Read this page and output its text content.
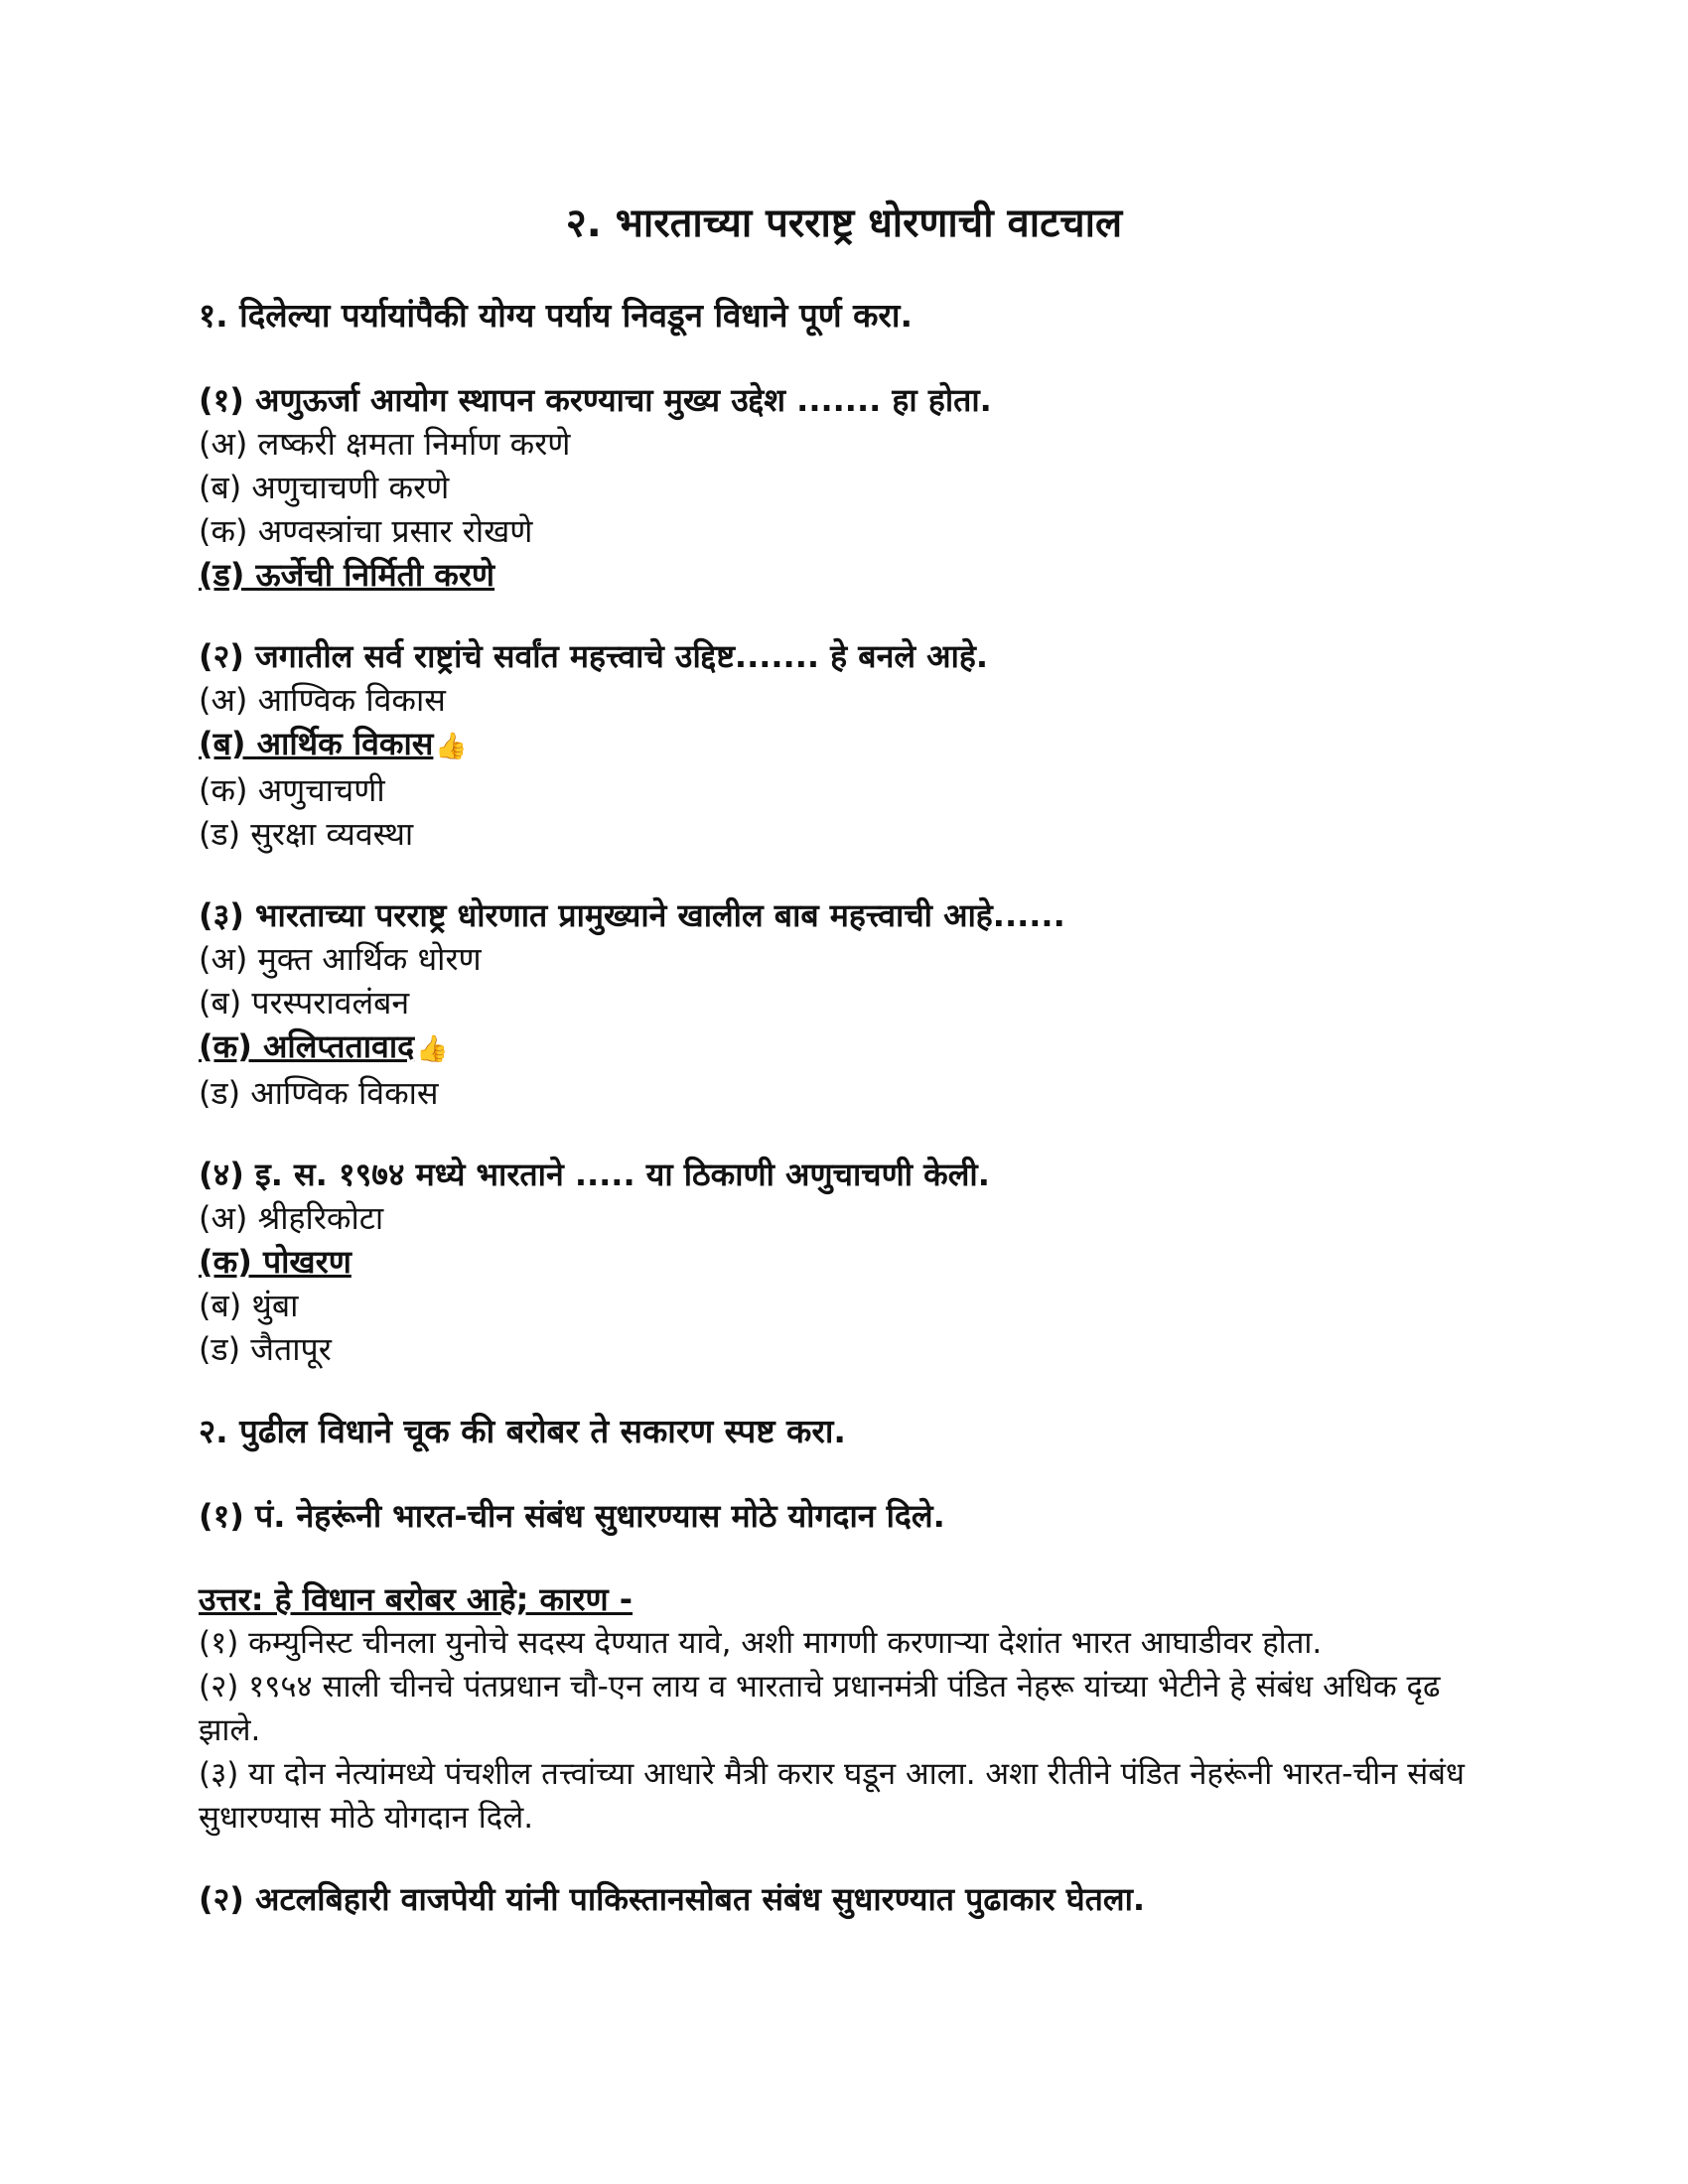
२. भारताच्या परराष्ट्र धोरणाची वाटचाल
१. दिलेल्या पर्यायांपैकी योग्य पर्याय निवडून विधाने पूर्ण करा.
(१) अणुऊर्जा आयोग स्थापन करण्याचा मुख्य उद्देश ....... हा होता.
(अ) लष्करी क्षमता निर्माण करणे
(ब) अणुचाचणी करणे
(क) अण्वस्त्रांचा प्रसार रोखणे
(ड) ऊर्जेची निर्मिती करणे
(२) जगातील सर्व राष्ट्रांचे सर्वांत महत्त्वाचे उद्दिष्ट....... हे बनले आहे.
(अ) आण्विक विकास
(ब) आर्थिक विकास👍
(क) अणुचाचणी
(ड) सुरक्षा व्यवस्था
(३) भारताच्या परराष्ट्र धोरणात प्रामुख्याने खालील बाब महत्त्वाची आहे......
(अ) मुक्त आर्थिक धोरण
(ब) परस्परावलंबन
(क) अलिप्ततावाद👍
(ड) आण्विक विकास
(४) इ. स. १९७४ मध्ये भारताने ..... या ठिकाणी अणुचाचणी केली.
(अ) श्रीहरिकोटा
(क) पोखरण
(ब) थुंबा
(ड) जैतापूर
२. पुढील विधाने चूक की बरोबर ते सकारण स्पष्ट करा.
(१) पं. नेहरूंनी भारत-चीन संबंध सुधारण्यास मोठे योगदान दिले.
उत्तर: हे विधान बरोबर आहे; कारण -
(१) कम्युनिस्ट चीनला युनोचे सदस्य देण्यात यावे, अशी मागणी करणाऱ्या देशांत भारत आघाडीवर होता.
(२) १९५४ साली चीनचे पंतप्रधान चौ-एन लाय व भारताचे प्रधानमंत्री पंडित नेहरू यांच्या भेटीने हे संबंध अधिक दृढ झाले.
(३) या दोन नेत्यांमध्ये पंचशील तत्त्वांच्या आधारे मैत्री करार घडून आला. अशा रीतीने पंडित नेहरूंनी भारत-चीन संबंध सुधारण्यास मोठे योगदान दिले.
(२) अटलबिहारी वाजपेयी यांनी पाकिस्तानसोबत संबंध सुधारण्यात पुढाकार घेतला.
